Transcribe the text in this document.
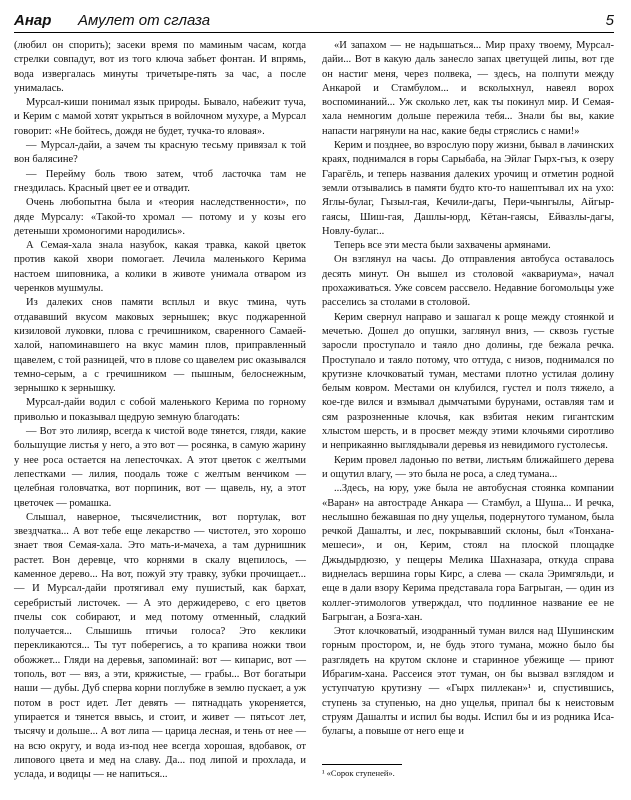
Анар Амулет от сглаза	5

(любил он спорить); засеки время по маминым часам, когда стрелки совпадут, вот из того ключа забьет фонтан. И впрямь, вода извергалась минуты тричетыре-пять за час, а после унималась.

Мурсал-киши понимал язык природы. Бывало, набежит туча, и Керим с мамой хотят укрыться в войлочном мухуре, а Мурсал говорит: «Не бойтесь, дождя не будет, тучка-то яловая».

— Мурсал-дайи, а зачем ты красную тесьму привязал к той вон балясине?

— Перейму боль твою затем, чтоб ласточка там не гнездилась. Красный цвет ее и отвадит.

Очень любопытна была и «теория наследственности», по дяде Мурсалу: «Такой-то хромал — потому и у козы его детеныши хромоногими народились».

А Семая-хала знала назубок, какая травка, какой цветок против какой хвори помогает. Лечила маленького Керима настоем шиповника, а колики в животе унимала отваром из черенков мушмулы.

Из далеких снов памяти всплыл и вкус тмина, чуть отдававший вкусом маковых зернышек; вкус поджаренной кизиловой луковки, плова с гречишником, сваренного Самаей-халой, напоминавшего на вкус мамин плов, приправленный щавелем, с той разницей, что в плове со щавелем рис оказывался темно-серым, а с гречишником — пышным, белоснежным, зернышко к зернышку.

Мурсал-дайи водил с собой маленького Керима по горному приволью и показывал щедрую земную благодать:

— Вот это лилияр, всегда к чистой воде тянется, гляди, какие большущие листья у него, а это вот — росянка, в самую жарину у нее роса остается на лепесточках. А этот цветок с желтыми лепестками — лилия, поодаль тоже с желтым венчиком — целебная головчатка, вот порпиник, вот — щавель, ну, а этот цветочек — ромашка.

Слышал, наверное, тысячелистник, вот портулак, вот звездчатка... А вот тебе еще лекарство — чистотел, это хорошо знает твоя Семая-хала. Это мать-и-мачеха, а там дурнишник растет. Вон деревце, что корнями в скалу вцепилось, — каменное дерево... На вот, пожуй эту травку, зубки прочищает... — И Мурсал-дайи протягивал ему пушистый, как бархат, серебристый листочек. — А это держидерево, с его цветов пчелы сок собирают, и мед потому отменный, сладкий получается... Слышишь птичьи голоса? Это кеклики перекликаются... Ты тут поберегись, а то крапива ножки твои обожжет... Гляди на деревья, запоминай: вот — кипарис, вот — тополь, вот — вяз, а эти, кряжистые, — грабы... Вот богатыри наши — дубы. Дуб сперва корни поглубже в землю пускает, а уж потом в рост идет. Лет девять — пятнадцать укореняется, упирается и тянется ввысь, и стоит, и живет — пятьсот лет, тысячу и дольше... А вот липа — царица лесная, и тень от нее — на всю округу, и вода из-под нее всегда хорошая, вдобавок, от липового цвета и мед на славу. Да... под липой и прохлада, и услада, и водицы — не напиться...

«И запахом — не надышаться... Мир праху твоему, Мурсал-дайи... Вот в какую даль занесло запах цветущей липы, вот где он настиг меня, через полвека, — здесь, на полпути между Анкарой и Стамбулом... и всколыхнул, навеял ворох воспоминаний... Уж сколько лет, как ты покинул мир. И Семая-хала немногим дольше пережила тебя... Знали бы вы, какие напасти нагрянули на нас, какие беды стряслись с нами!»

Керим и позднее, во взрослую пору жизни, бывал в лачинских краях, поднимался в горы Сарыбаба, на Эйлаг Гырх-гыз, к озеру Гарагёль, и теперь названия далеких урочищ и отметин родной земли отзывались в памяти будто кто-то нашептывал их на ухо: Яглы-булаг, Гызыл-гая, Кечили-дагы, Пери-чынгылы, Айгыр-гаясы, Шиш-гая, Дашлы-юрд, Кётан-гаясы, Ейвазлы-дагы, Новлу-булаг...

Теперь все эти места были захвачены армянами.

Он взглянул на часы. До отправления автобуса оставалось десять минут. Он вышел из столовой «аквариума», начал прохаживаться. Уже совсем рассвело. Недавние богомольцы уже расселись за столами в столовой.

Керим свернул направо и зашагал к роще между стоянкой и мечетью. Дошел до опушки, заглянул вниз, — сквозь густые заросли проступало и таяло дно долины, где бежала речка. Проступало и таяло потому, что оттуда, с низов, поднимался по крутизне клочковатый туман, местами плотно устилая долину белым ковром. Местами он клубился, густел и полз тяжело, а кое-где вился и взмывал дымчатыми бурунами, оставляя там и сям разрозненные клочья, как взбитая неким гигантским хлыстом шерсть, и в просвет между этими клочьями сиротливо и неприкаянно выглядывали деревья из невидимого густолесья.

Керим провел ладонью по ветви, листьям ближайшего дерева и ощутил влагу, — это была не роса, а след тумана...

...Здесь, на юру, уже была не автобусная стоянка компании «Варан» на автостраде Анкара — Стамбул, а Шуша... И речка, неслышно бежавшая по дну ущелья, подернутого туманом, была речкой Дашалты, и лес, покрывавший склоны, был «Тонхана-мешеси», и он, Керим, стоял на плоской площадке Джыдырдюзю, у пещеры Мелика Шахназара, откуда справа виднелась вершина горы Кирс, а слева — скала Эримгяльди, и еще в дали взору Керима представала гора Багрыган, — один из коллег-этимологов утверждал, что подлинное название ее не Багрыган, а Бозга-хан.

Этот клочковатый, изодранный туман вился над Шушинским горным простором, и, не будь этого тумана, можно было бы разглядеть на крутом склоне и старинное убежище — приют Ибрагим-хана. Рассеися этот туман, он бы вызвал взглядом и уступчатую крутизну — «Гырх пиллекан»¹ и, спустившись, ступень за ступенью, на дно ущелья, припал бы к неистовым струям Дашалты и испил бы воды. Испил бы и из родника Иса-булагы, а повыше от него еще и

¹ «Сорок ступеней».
